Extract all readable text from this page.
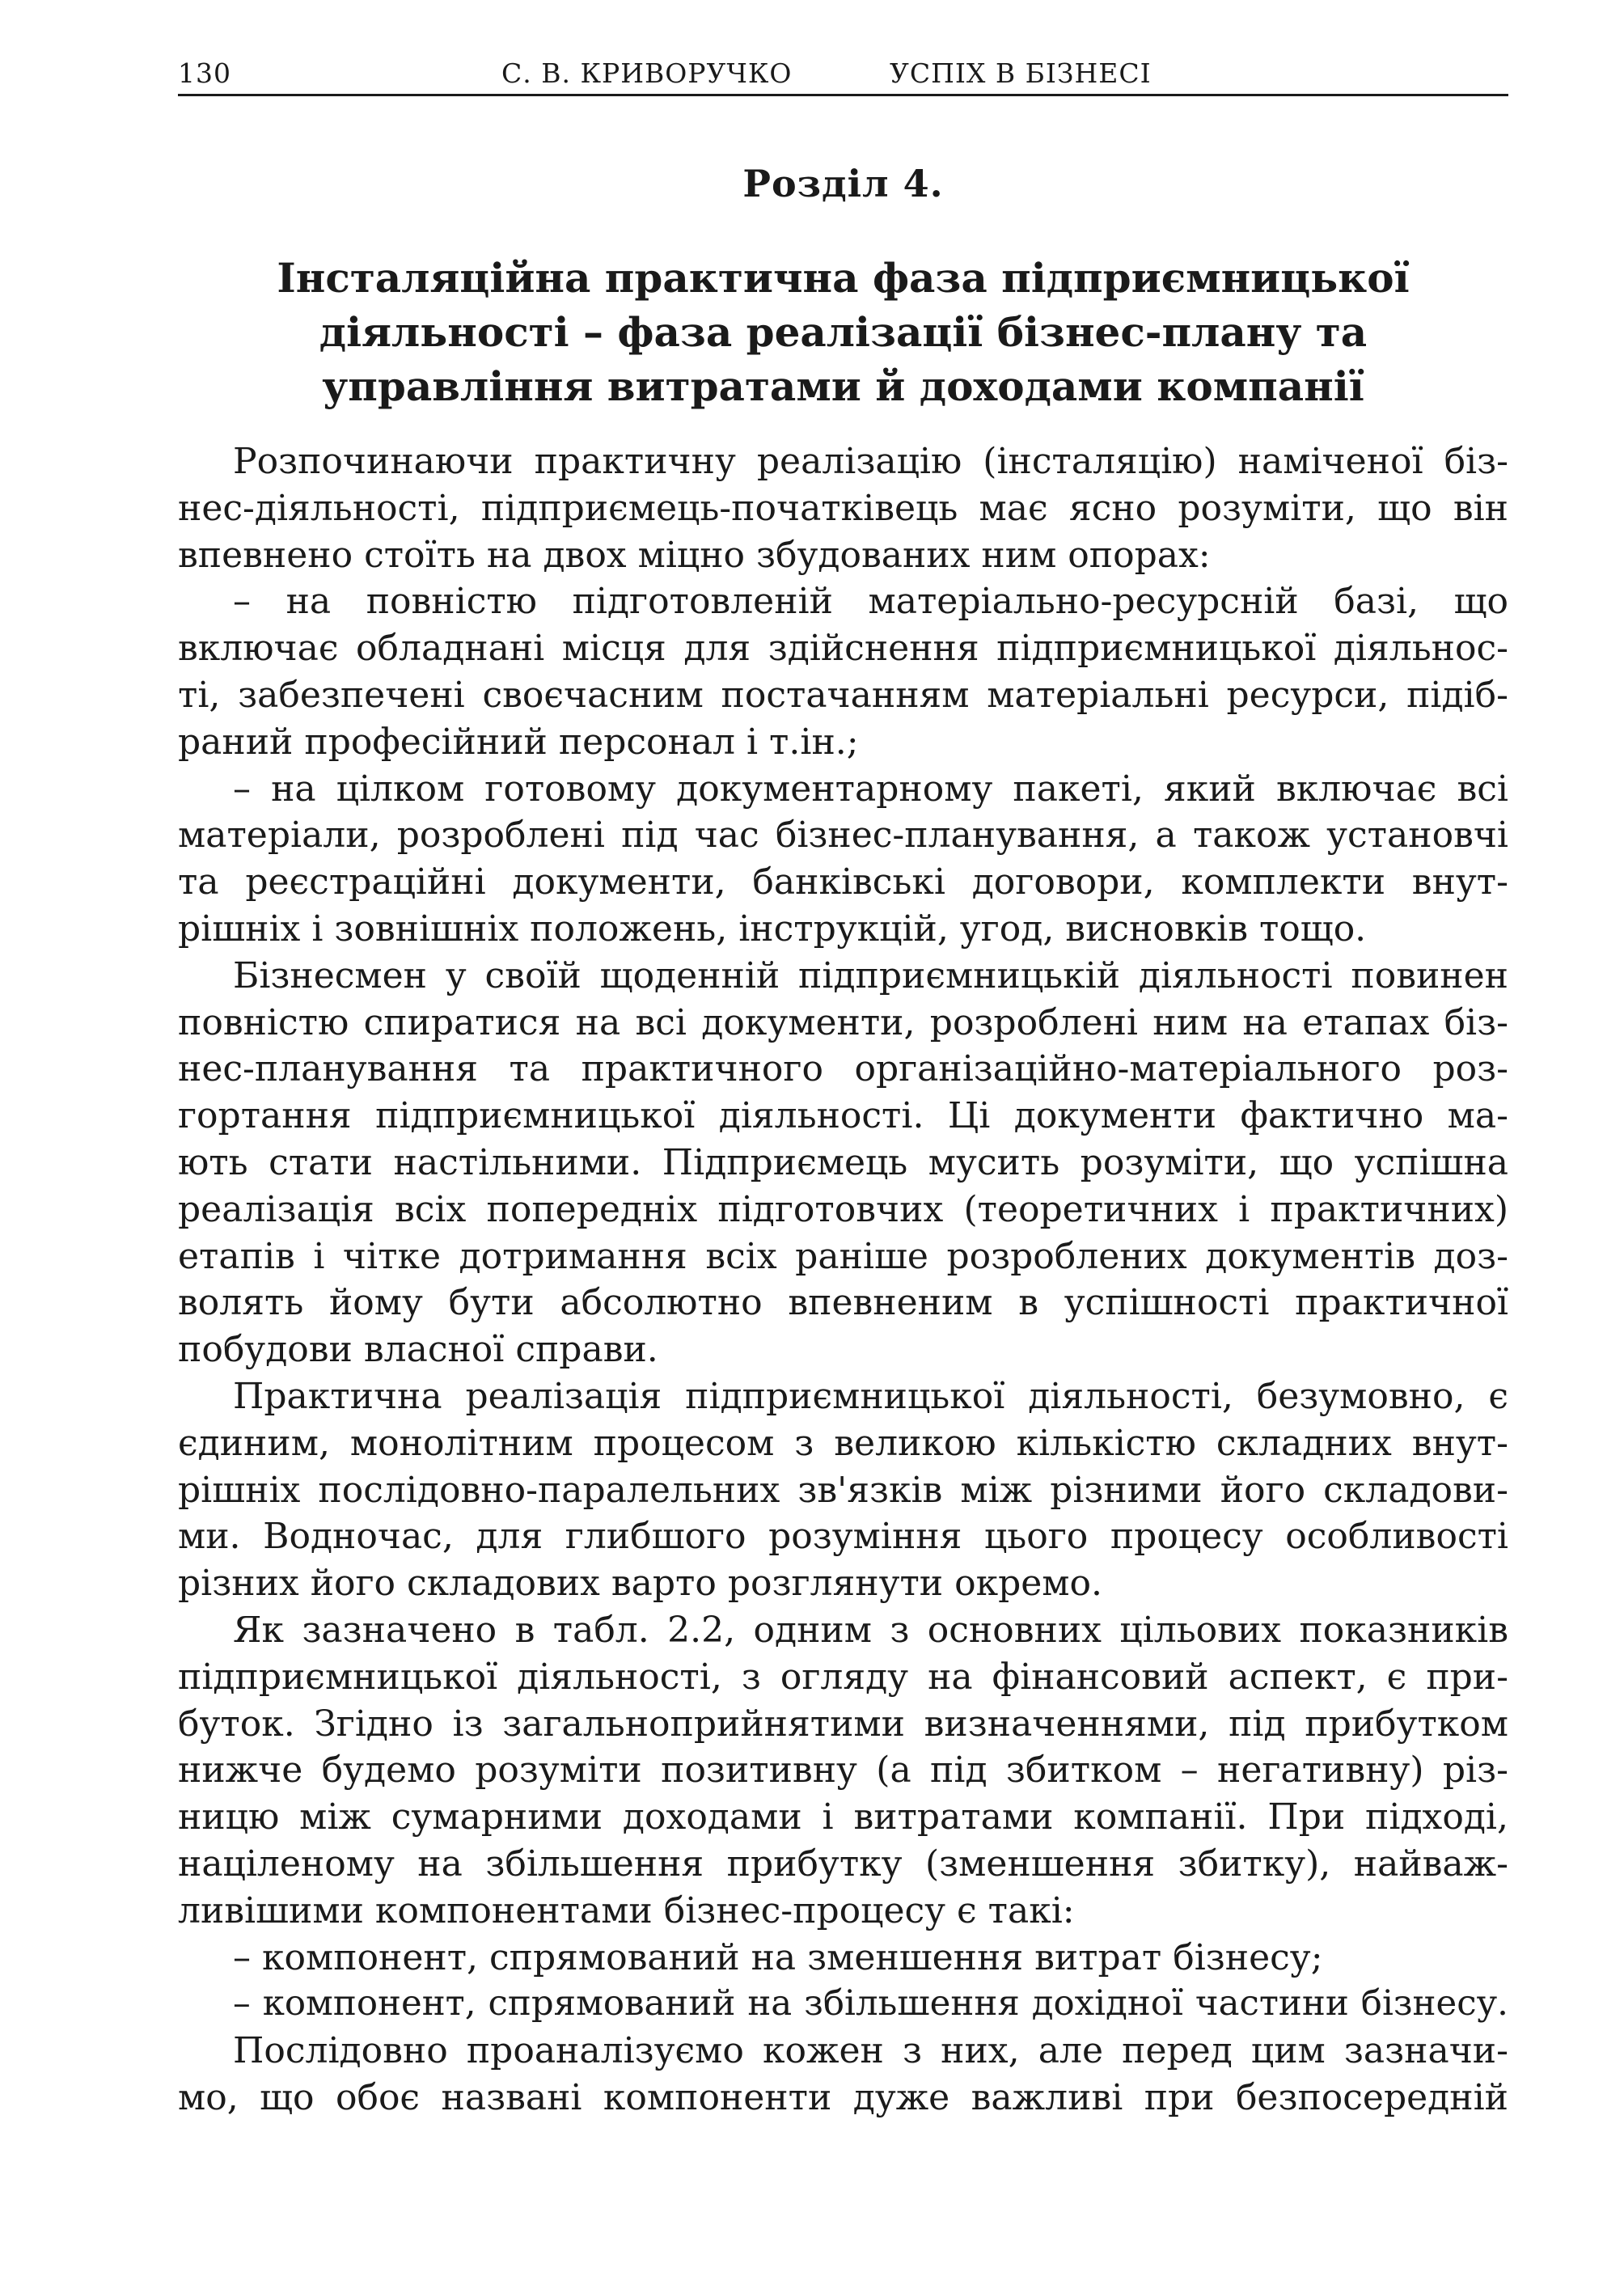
130	С. В. КРИВОРУЧКО	УСПІХ В БІЗНЕСІ
Розділ 4.
Інсталяційна практична фаза підприємницької
діяльності – фаза реалізації бізнес-плану та
управління витратами й доходами компанії
Розпочинаючи практичну реалізацію (інсталяцію) наміченої біз-
нес-діяльності, підприємець-початківець має ясно розуміти, що він
впевнено стоїть на двох міцно збудованих ним опорах:
– на повністю підготовленій матеріально-ресурсній базі, що
включає обладнані місця для здійснення підприємницької діяльнос-
ті, забезпечені своєчасним постачанням матеріальні ресурси, підіб-
раний професійний персонал і т.ін.;
– на цілком готовому документарному пакеті, який включає всі
матеріали, розроблені під час бізнес-планування, а також установчі
та реєстраційні документи, банківські договори, комплекти внут-
рішніх і зовнішніх положень, інструкцій, угод, висновків тощо.
Бізнесмен у своїй щоденній підприємницькій діяльності повинен
повністю спиратися на всі документи, розроблені ним на етапах біз-
нес-планування та практичного організаційно-матеріального роз-
гортання підприємницької діяльності. Ці документи фактично ма-
ють стати настільними. Підприємець мусить розуміти, що успішна
реалізація всіх попередніх підготовчих (теоретичних і практичних)
етапів і чітке дотримання всіх раніше розроблених документів доз-
волять йому бути абсолютно впевненим в успішності практичної
побудови власної справи.
Практична реалізація підприємницької діяльності, безумовно, є
єдиним, монолітним процесом з великою кількістю складних внут-
рішніх послідовно-паралельних зв'язків між різними його складови-
ми. Водночас, для глибшого розуміння цього процесу особливості
різних його складових варто розглянути окремо.
Як зазначено в табл. 2.2, одним з основних цільових показників
підприємницької діяльності, з огляду на фінансовий аспект, є при-
буток. Згідно із загальноприйнятими визначеннями, під прибутком
нижче будемо розуміти позитивну (а під збитком – негативну) різ-
ницю між сумарними доходами і витратами компанії. При підході,
націленому на збільшення прибутку (зменшення збитку), найваж-
ливішими компонентами бізнес-процесу є такі:
– компонент, спрямований на зменшення витрат бізнесу;
– компонент, спрямований на збільшення дохідної частини бізнесу.
Послідовно проаналізуємо кожен з них, але перед цим зазначи-
мо, що обоє названі компоненти дуже важливі при безпосередній
